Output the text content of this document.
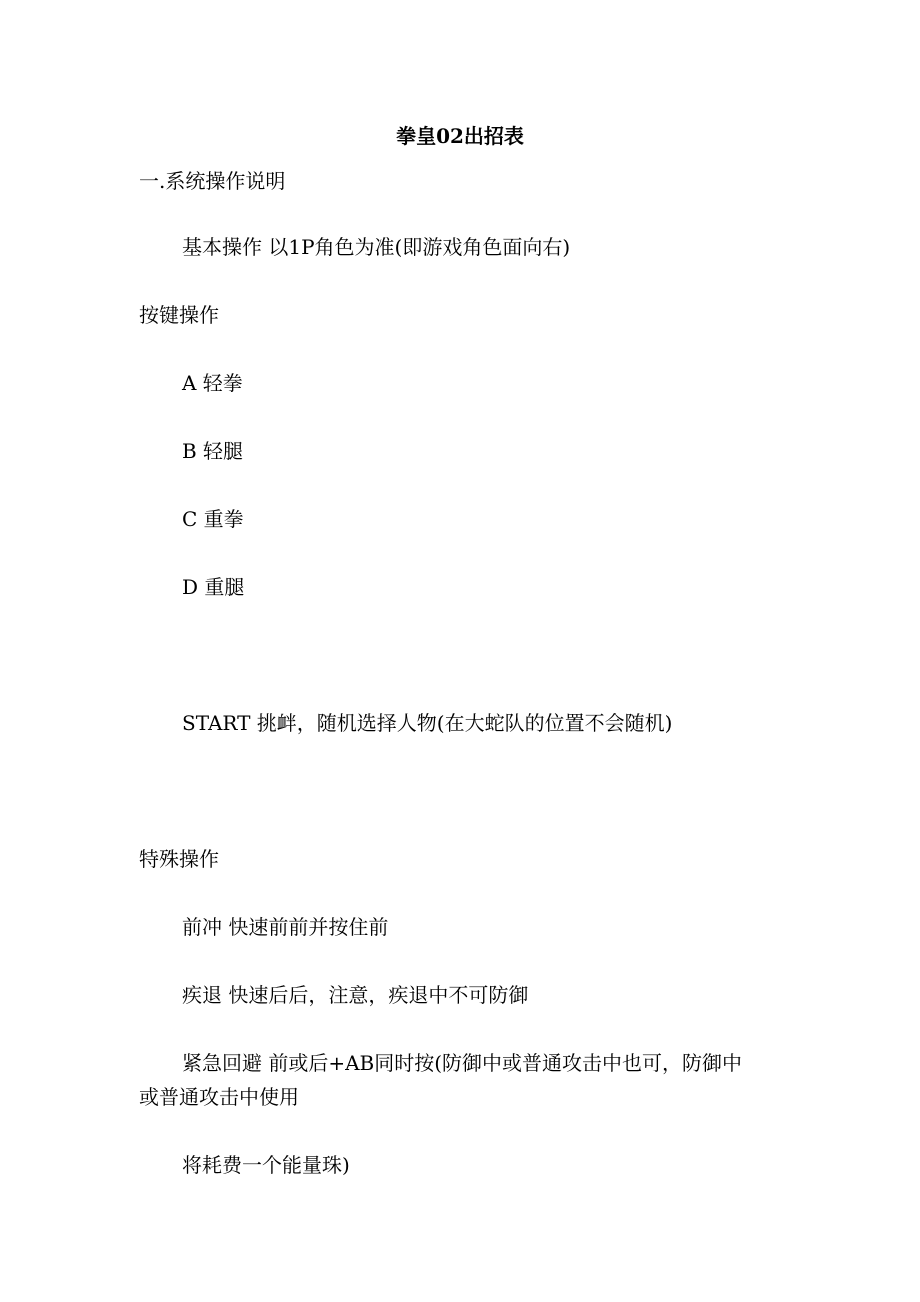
拳皇02出招表
一.系统操作说明
基本操作 以1P角色为准(即游戏角色面向右)
按键操作
A 轻拳
B 轻腿
C 重拳
D 重腿
START 挑衅，随机选择人物(在大蛇队的位置不会随机)
特殊操作
前冲 快速前前并按住前
疾退 快速后后，注意，疾退中不可防御
紧急回避 前或后+AB同时按(防御中或普通攻击中也可，防御中
或普通攻击中使用
将耗费一个能量珠)
